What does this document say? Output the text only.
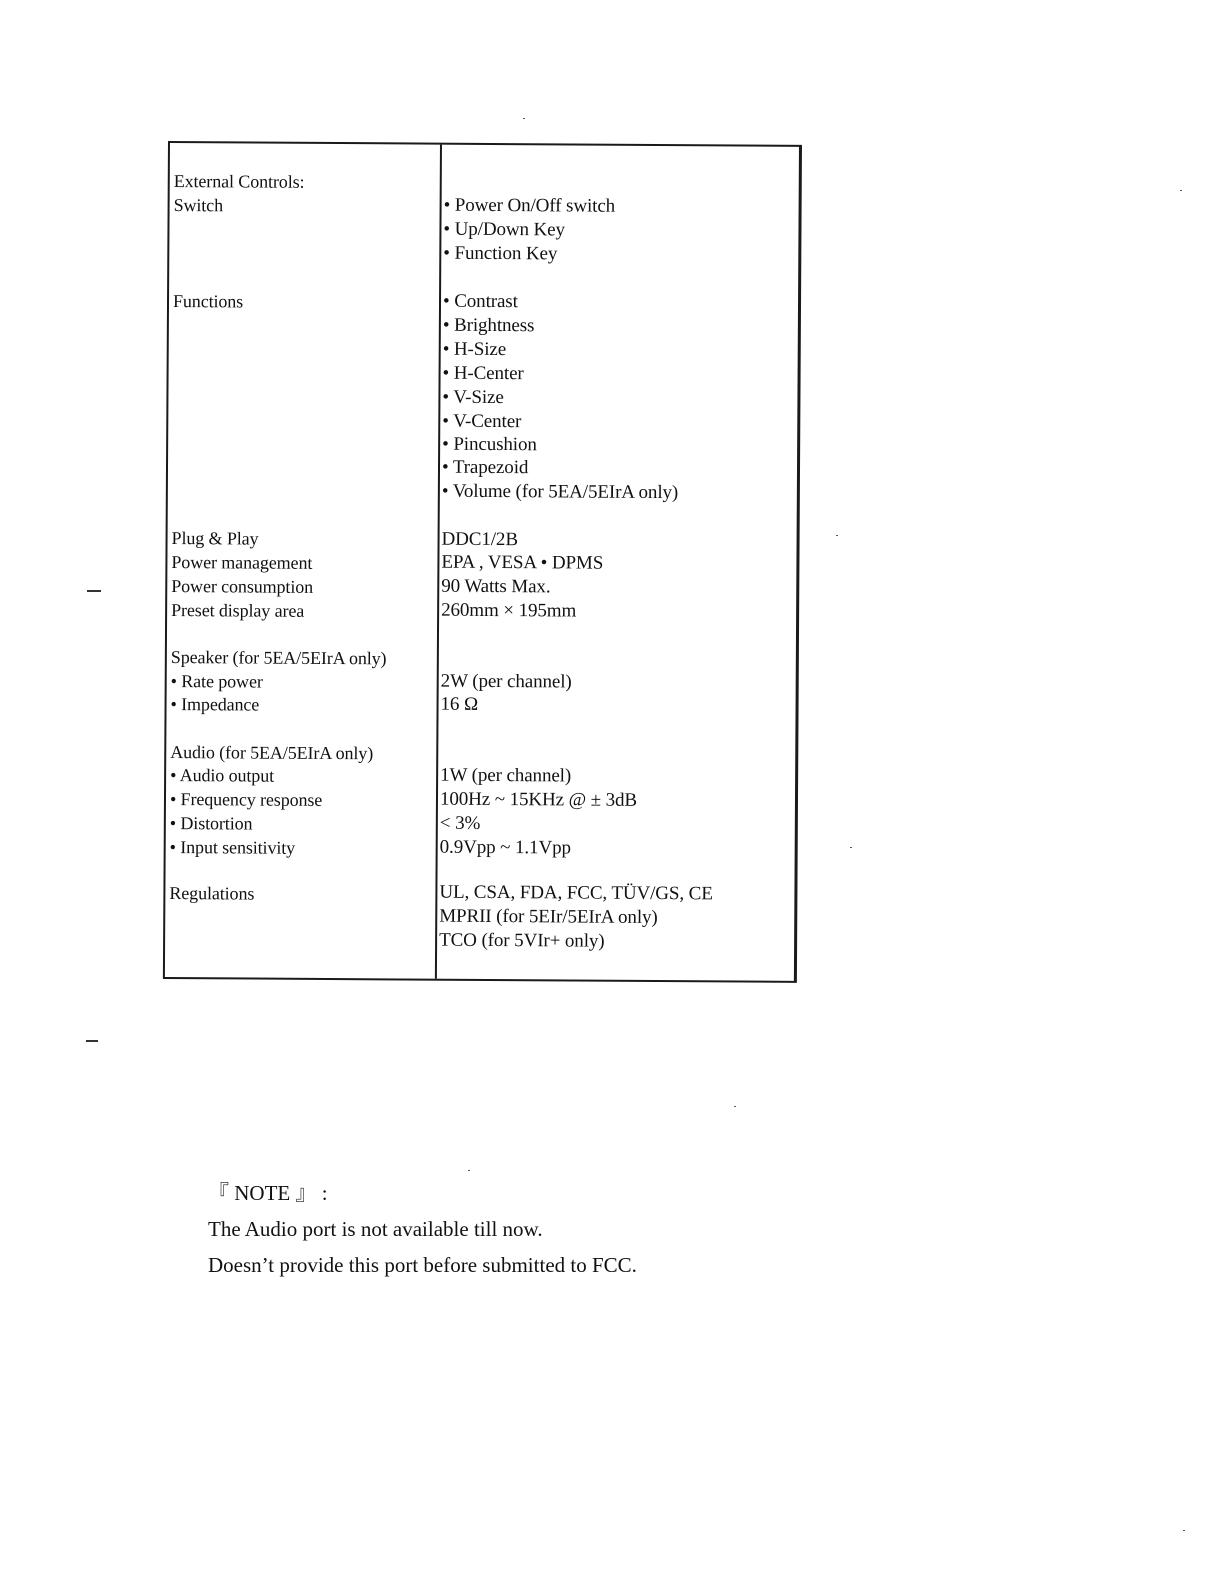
External Controls:
Switch
Functions
Plug & Play
Power management
Power consumption
Preset display area
Speaker (for 5EA/5EIrA only)
• Rate power
• Impedance
Audio (for 5EA/5EIrA only)
• Audio output
• Frequency response
• Distortion
• Input sensitivity
Regulations
• Power On/Off switch
• Up/Down Key
• Function Key
• Contrast
• Brightness
• H-Size
• H-Center
• V-Size
• V-Center
• Pincushion
• Trapezoid
• Volume (for 5EA/5EIrA only)
DDC1/2B
EPA , VESA • DPMS
90 Watts Max.
260mm × 195mm
2W (per channel)
16 Ω
1W (per channel)
100Hz ~ 15KHz @ ± 3dB
< 3%
0.9Vpp ~ 1.1Vpp
UL, CSA, FDA, FCC, TÜV/GS, CE
MPRII (for 5EIr/5EIrA only)
TCO (for 5VIr+ only)
『 NOTE 』 :
The Audio port is not available till now.
Doesn’t provide this port before submitted to FCC.
